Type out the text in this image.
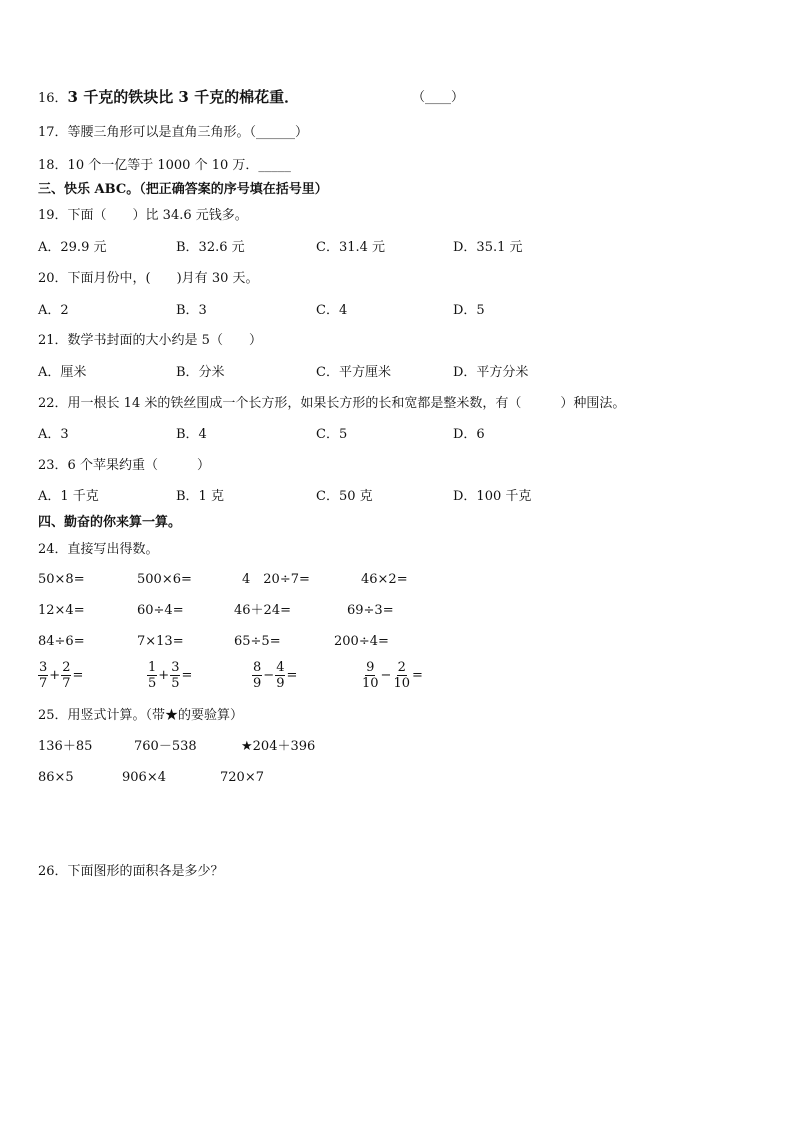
16．3 千克的铁块比 3 千克的棉花重．	（____）
17．等腰三角形可以是直角三角形。（______）
18．10 个一亿等于 1000 个 10 万．_____
三、快乐 ABC。（把正确答案的序号填在括号里）
19．下面（　　）比 34.6 元钱多。
A．29.9 元	B．32.6 元	C．31.4 元	D．35.1 元
20．下面月份中，(　　)月有 30 天。
A．2	B．3	C．4	D．5
21．数学书封面的大小约是 5（　　）
A．厘米	B．分米	C．平方厘米	D．平方分米
22．用一根长 14 米的铁丝围成一个长方形，如果长方形的长和宽都是整米数，有（　　　）种围法。
A．3	B．4	C．5	D．6
23．6 个苹果约重（　　　）
A．1 千克	B．1 克	C．50 克	D．100 千克
四、勤奋的你来算一算。
24．直接写出得数。
50×8=	500×6=	4　20÷7=	46×2=
12×4=	60÷4=	46＋24=	69÷3=
84÷6=	7×13=	65÷5=	200÷4=
$\frac{3}{7} + \frac{2}{7}$ =	$\frac{1}{5} + \frac{3}{5}$ =	$\frac{8}{9} - \frac{4}{9}$ =	$\frac{9}{10} - \frac{2}{10}$ =
25．用竖式计算。（带★的要验算）
136＋85	760－538	★204＋396
86×5	906×4	720×7
26．下面图形的面积各是多少？
